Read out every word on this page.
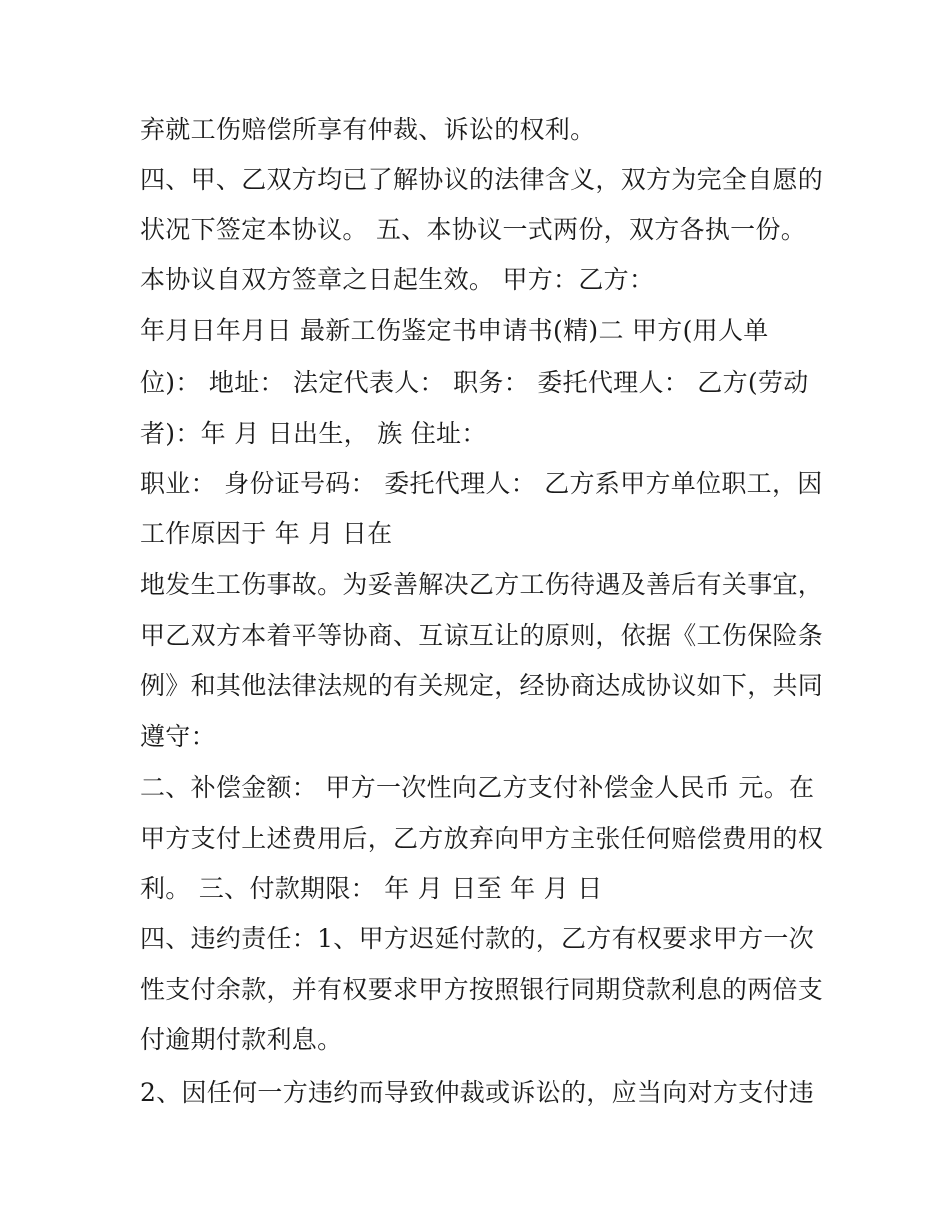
弃就工伤赔偿所享有仲裁、诉讼的权利。

四、甲、乙双方均已了解协议的法律含义，双方为完全自愿的

状况下签定本协议。 五、本协议一式两份，双方各执一份。

本协议自双方签章之日起生效。 甲方：乙方：

年月日年月日 最新工伤鉴定书申请书(精)二 甲方(用人单

位)： 地址： 法定代表人： 职务： 委托代理人： 乙方(劳动

者)：年 月 日出生， 族 住址：

职业： 身份证号码： 委托代理人： 乙方系甲方单位职工，因

工作原因于 年 月 日在

地发生工伤事故。为妥善解决乙方工伤待遇及善后有关事宜，

甲乙双方本着平等协商、互谅互让的原则，依据《工伤保险条

例》和其他法律法规的有关规定，经协商达成协议如下，共同

遵守：

二、补偿金额： 甲方一次性向乙方支付补偿金人民币 元。在

甲方支付上述费用后，乙方放弃向甲方主张任何赔偿费用的权

利。 三、付款期限： 年 月 日至 年 月 日

四、违约责任：1、甲方迟延付款的，乙方有权要求甲方一次

性支付余款，并有权要求甲方按照银行同期贷款利息的两倍支

付逾期付款利息。

2、因任何一方违约而导致仲裁或诉讼的，应当向对方支付违
